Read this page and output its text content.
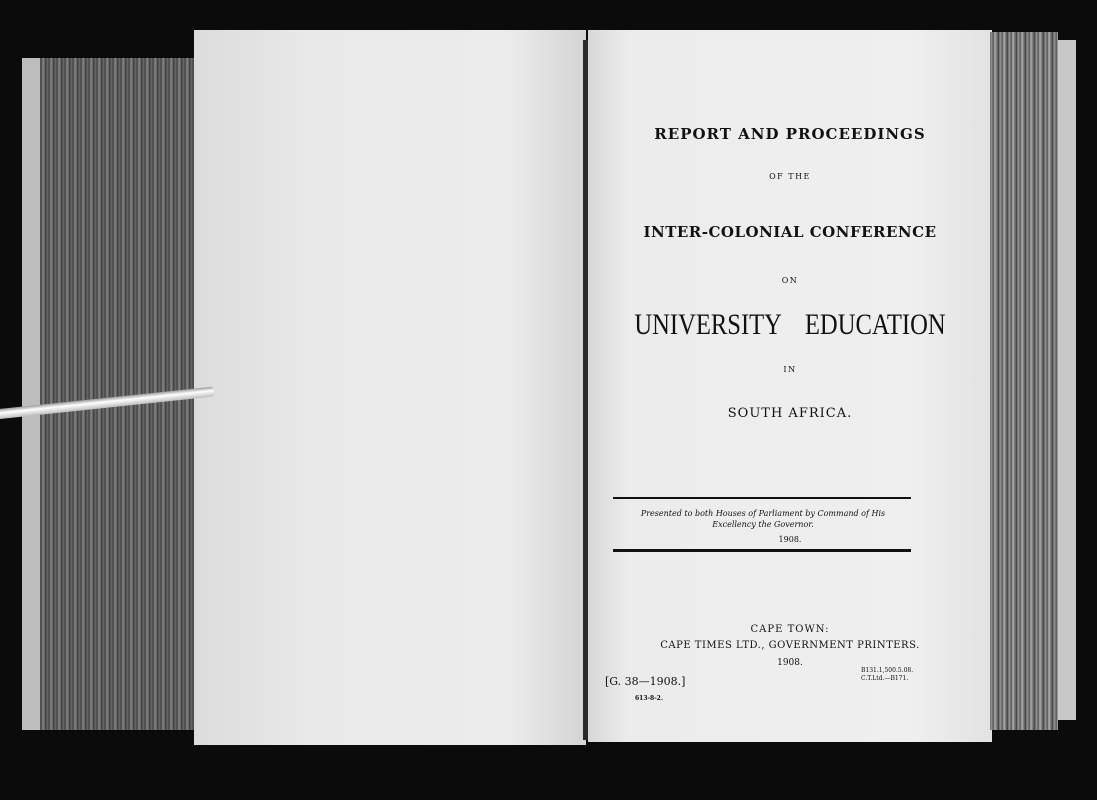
REPORT AND PROCEEDINGS
OF THE
INTER-COLONIAL CONFERENCE
ON
UNIVERSITY EDUCATION
IN
SOUTH AFRICA.
Presented to both Houses of Parliament by Command of His Excellency the Governor.
1908.
CAPE TOWN:
CAPE TIMES LTD., GOVERNMENT PRINTERS.
1908.
[G. 38—1908.]
613-8-2.
B131.1,500.5.08.
C.T.Ltd.—B171.
